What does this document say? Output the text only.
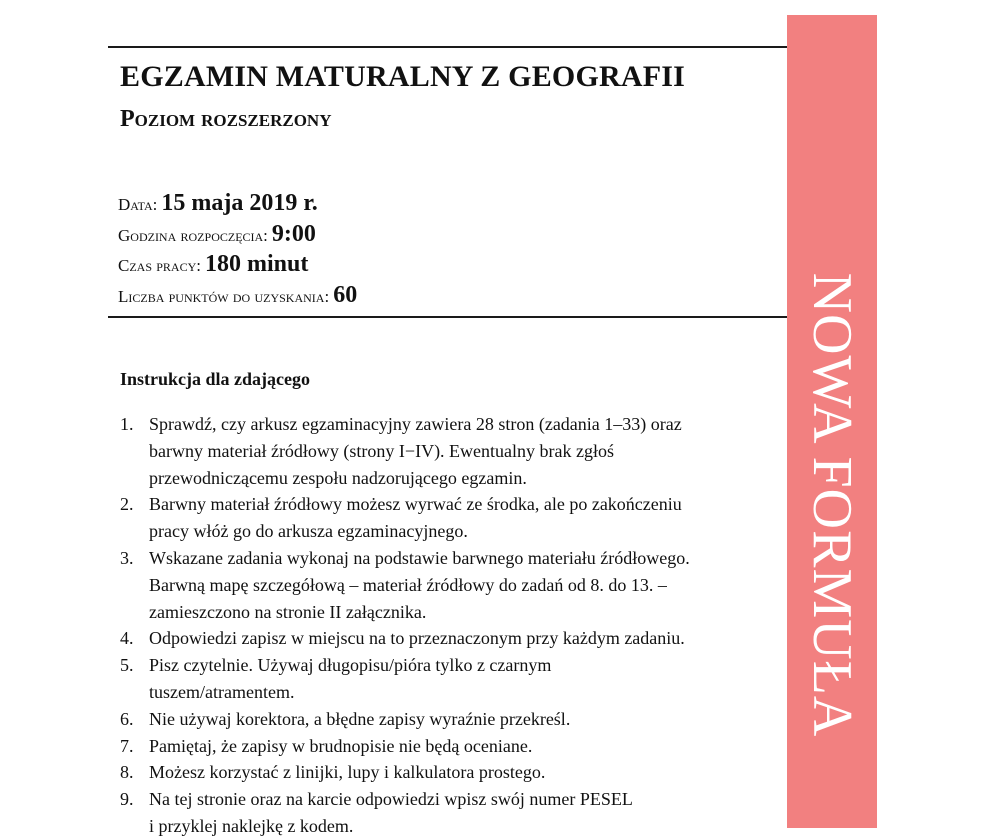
EGZAMIN MATURALNY Z GEOGRAFII
Poziom rozszerzony
Data: 15 maja 2019 r.
Godzina rozpoczęcia: 9:00
Czas pracy: 180 minut
Liczba punktów do uzyskania: 60
Instrukcja dla zdającego
1. Sprawdź, czy arkusz egzaminacyjny zawiera 28 stron (zadania 1–33) oraz
barwny materiał źródłowy (strony I−IV). Ewentualny brak zgłoś
przewodniczącemu zespołu nadzorującego egzamin.
2. Barwny materiał źródłowy możesz wyrwać ze środka, ale po zakończeniu
pracy włóż go do arkusza egzaminacyjnego.
3. Wskazane zadania wykonaj na podstawie barwnego materiału źródłowego.
Barwną mapę szczegółową – materiał źródłowy do zadań od 8. do 13. –
zamieszczono na stronie II załącznika.
4. Odpowiedzi zapisz w miejscu na to przeznaczonym przy każdym zadaniu.
5. Pisz czytelnie. Używaj długopisu/pióra tylko z czarnym
tuszem/atramentem.
6. Nie używaj korektora, a błędne zapisy wyraźnie przekreśl.
7. Pamiętaj, że zapisy w brudnopisie nie będą oceniane.
8. Możesz korzystać z linijki, lupy i kalkulatora prostego.
9. Na tej stronie oraz na karcie odpowiedzi wpisz swój numer PESEL
i przyklej naklejkę z kodem.
NOWA FORMUŁA
